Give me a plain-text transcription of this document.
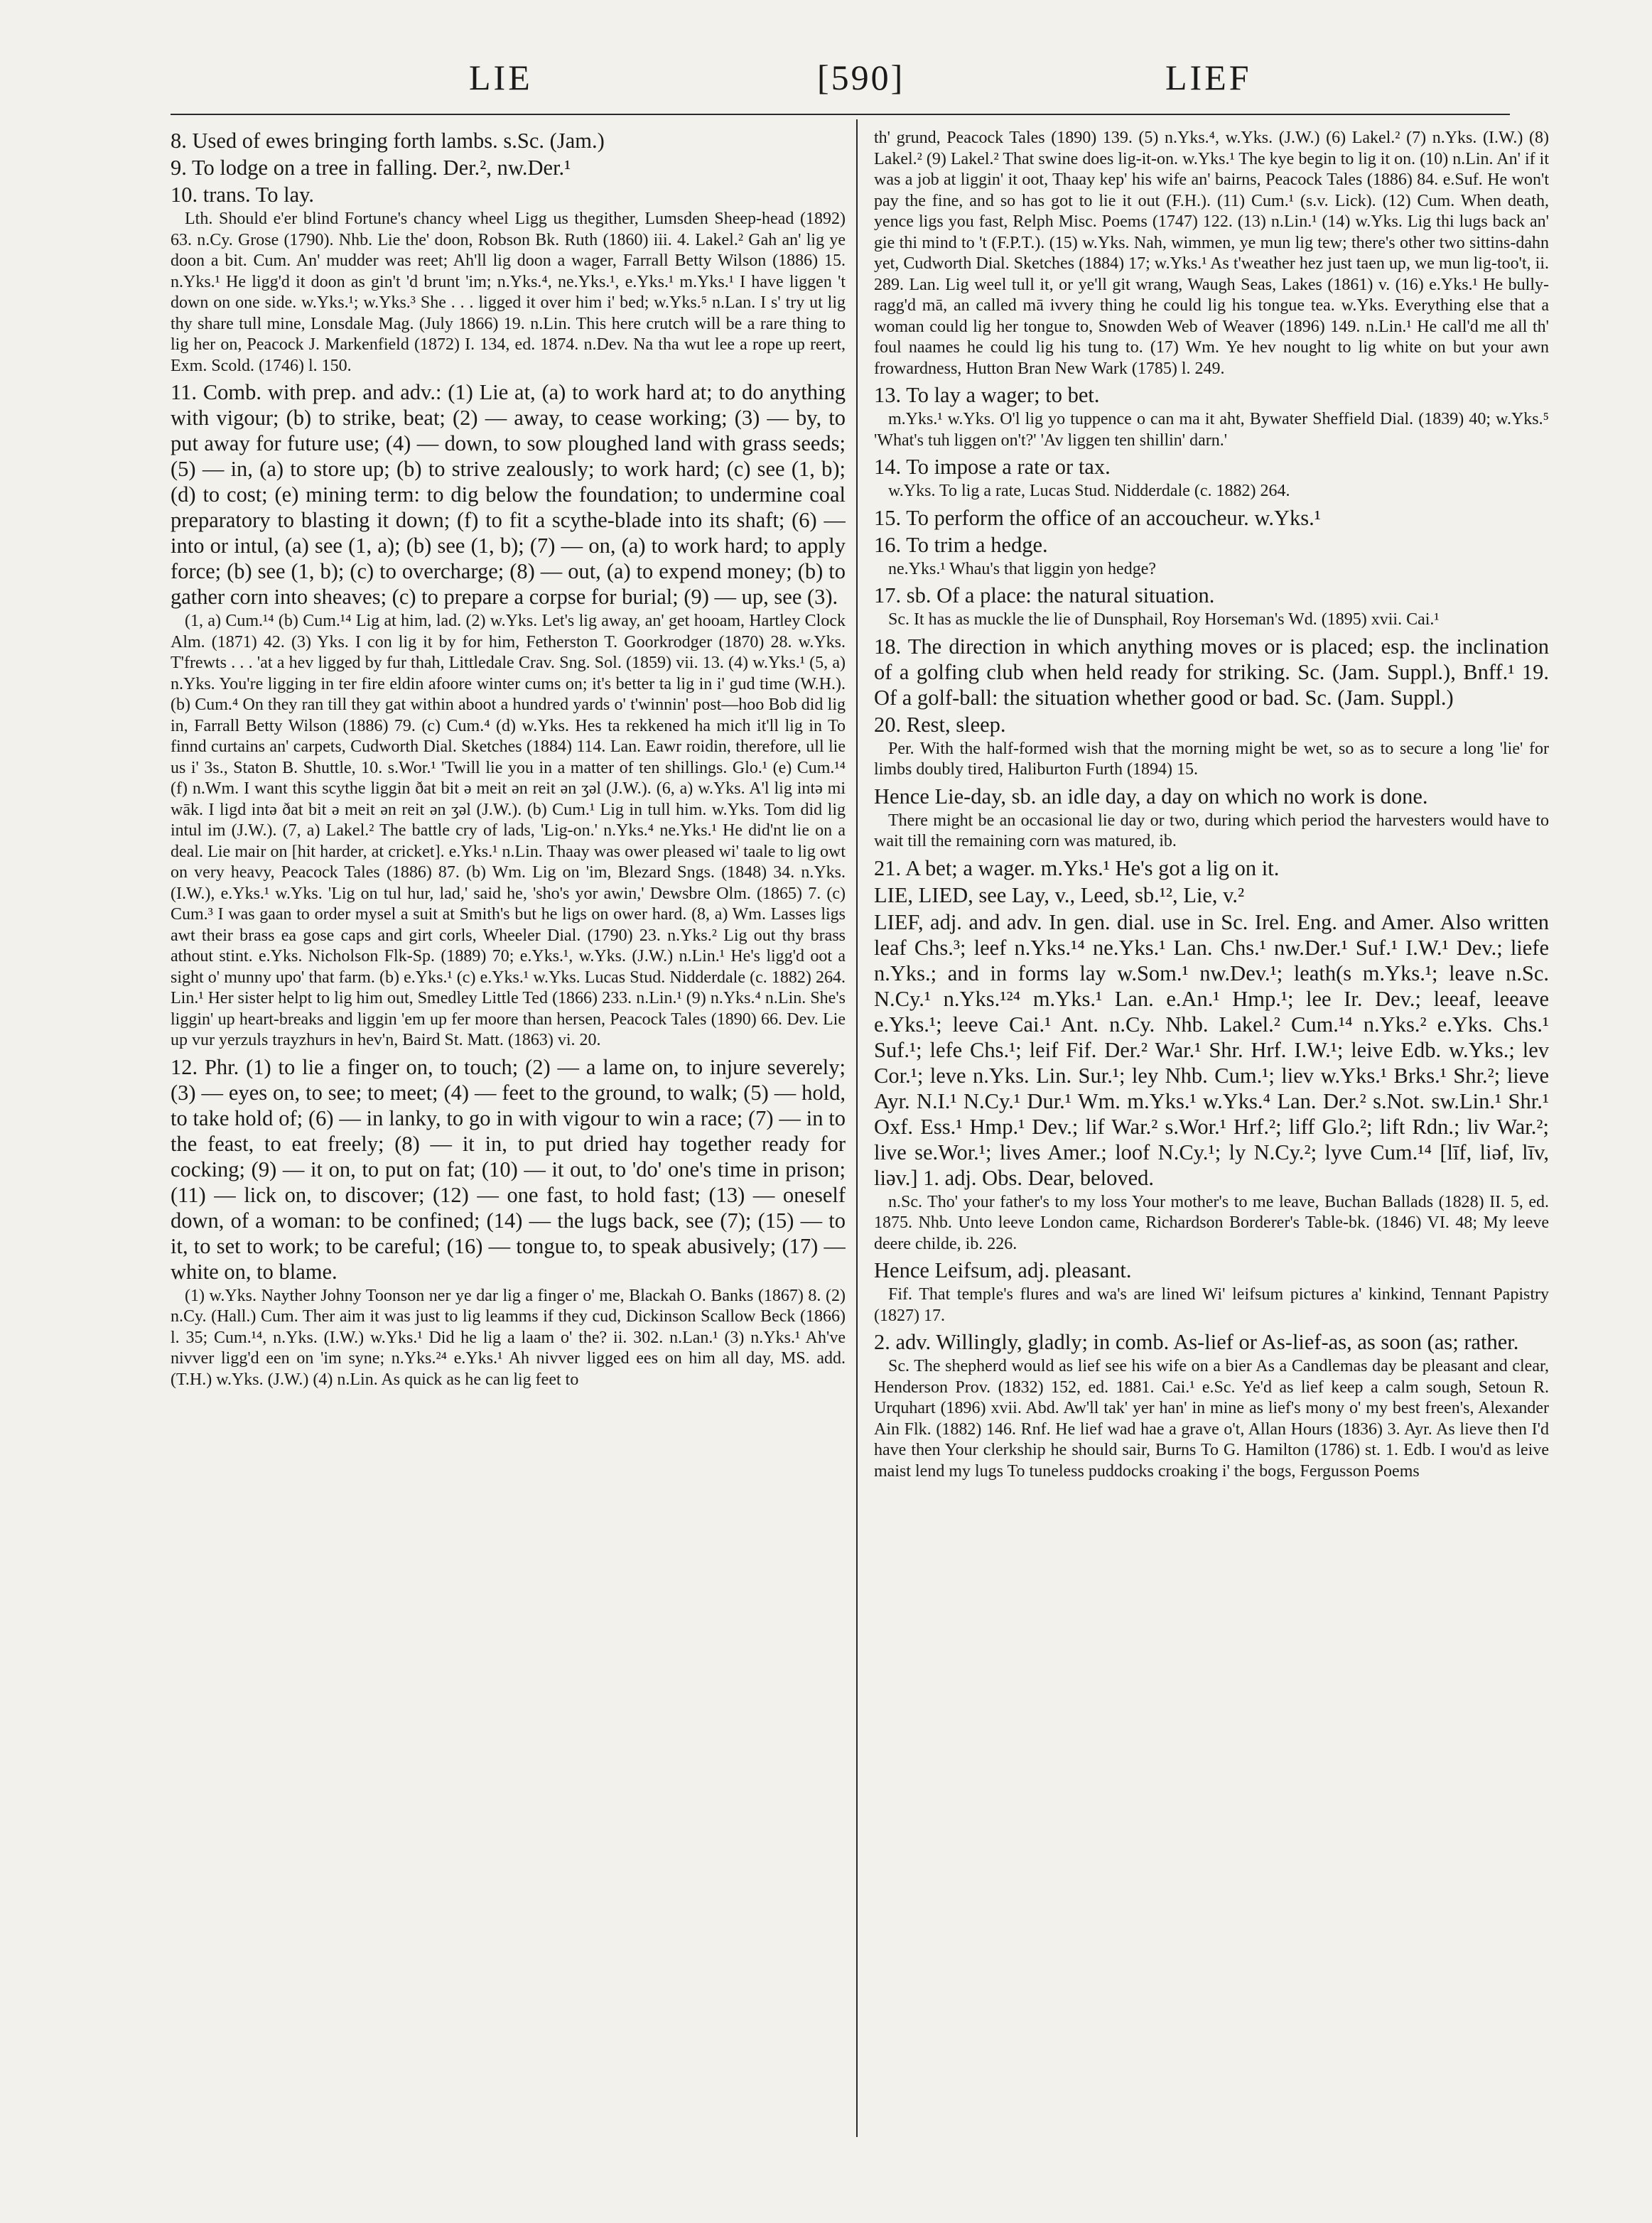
LIE	[590]	LIEF

8. Used of ewes bringing forth lambs. s.Sc. (Jam.)

9. To lodge on a tree in falling. Der.², nw.Der.¹

10. trans. To lay.

Lth. Should e'er blind Fortune's chancy wheel Ligg us thegither, Lumsden Sheep-head (1892) 63. n.Cy. Grose (1790). Nhb. Lie the' doon, Robson Bk. Ruth (1860) iii. 4. Lakel.² Gah an' lig ye doon a bit. Cum. An' mudder was reet; Ah'll lig doon a wager, Farrall Betty Wilson (1886) 15. n.Yks.¹ He ligg'd it doon as gin't 'd brunt 'im; n.Yks.⁴, ne.Yks.¹, e.Yks.¹ m.Yks.¹ I have liggen 't down on one side. w.Yks.¹; w.Yks.³ She . . . ligged it over him i' bed; w.Yks.⁵ n.Lan. I s' try ut lig thy share tull mine, Lonsdale Mag. (July 1866) 19. n.Lin. This here crutch will be a rare thing to lig her on, Peacock J. Markenfield (1872) I. 134, ed. 1874. n.Dev. Na tha wut lee a rope up reert, Exm. Scold. (1746) l. 150.

11. Comb. with prep. and adv.: (1) Lie at, (a) to work hard at; to do anything with vigour; (b) to strike, beat; (2) — away, to cease working; (3) — by, to put away for future use; (4) — down, to sow ploughed land with grass seeds; (5) — in, (a) to store up; (b) to strive zealously; to work hard; (c) see (1, b); (d) to cost; (e) mining term: to dig below the foundation; to undermine coal preparatory to blasting it down; (f) to fit a scythe-blade into its shaft; (6) — into or intul, (a) see (1, a); (b) see (1, b); (7) — on, (a) to work hard; to apply force; (b) see (1, b); (c) to overcharge; (8) — out, (a) to expend money; (b) to gather corn into sheaves; (c) to prepare a corpse for burial; (9) — up, see (3).

(1, a) Cum.¹⁴ (b) Cum.¹⁴ Lig at him, lad. (2) w.Yks. Let's lig away, an' get hooam, Hartley Clock Alm. (1871) 42. (3) Yks. I con lig it by for him, Fetherston T. Goorkrodger (1870) 28. w.Yks. T'frewts . . . 'at a hev ligged by fur thah, Littledale Crav. Sng. Sol. (1859) vii. 13. (4) w.Yks.¹ (5, a) n.Yks. You're ligging in ter fire eldin afoore winter cums on; it's better ta lig in i' gud time (W.H.). (b) Cum.⁴ On they ran till they gat within aboot a hundred yards o' t'winnin' post—hoo Bob did lig in, Farrall Betty Wilson (1886) 79. (c) Cum.⁴ (d) w.Yks. Hes ta rekkened ha mich it'll lig in To finnd curtains an' carpets, Cudworth Dial. Sketches (1884) 114. Lan. Eawr roidin, therefore, ull lie us i' 3s., Staton B. Shuttle, 10. s.Wor.¹ 'Twill lie you in a matter of ten shillings. Glo.¹ (e) Cum.¹⁴ (f) n.Wm. I want this scythe liggin ðat bit ə meit ən reit ən ʒəl (J.W.). (6, a) w.Yks. A'l lig intə mi wāk. I ligd intə ðat bit ə meit ən reit ən ʒəl (J.W.). (b) Cum.¹ Lig in tull him. w.Yks. Tom did lig intul im (J.W.). (7, a) Lakel.² The battle cry of lads, 'Lig-on.' n.Yks.⁴ ne.Yks.¹ He did'nt lie on a deal. Lie mair on [hit harder, at cricket]. e.Yks.¹ n.Lin. Thaay was ower pleased wi' taale to lig owt on very heavy, Peacock Tales (1886) 87. (b) Wm. Lig on 'im, Blezard Sngs. (1848) 34. n.Yks. (I.W.), e.Yks.¹ w.Yks. 'Lig on tul hur, lad,' said he, 'sho's yor awin,' Dewsbre Olm. (1865) 7. (c) Cum.³ I was gaan to order mysel a suit at Smith's but he ligs on ower hard. (8, a) Wm. Lasses ligs awt their brass ea gose caps and girt corls, Wheeler Dial. (1790) 23. n.Yks.² Lig out thy brass athout stint. e.Yks. Nicholson Flk-Sp. (1889) 70; e.Yks.¹, w.Yks. (J.W.) n.Lin.¹ He's ligg'd oot a sight o' munny upo' that farm. (b) e.Yks.¹ (c) e.Yks.¹ w.Yks. Lucas Stud. Nidderdale (c. 1882) 264. Lin.¹ Her sister helpt to lig him out, Smedley Little Ted (1866) 233. n.Lin.¹ (9) n.Yks.⁴ n.Lin. She's liggin' up heart-breaks and liggin 'em up fer moore than hersen, Peacock Tales (1890) 66. Dev. Lie up vur yerzuls trayzhurs in hev'n, Baird St. Matt. (1863) vi. 20.

12. Phr. (1) to lie a finger on, to touch; (2) — a lame on, to injure severely; (3) — eyes on, to see; to meet; (4) — feet to the ground, to walk; (5) — hold, to take hold of; (6) — in lanky, to go in with vigour to win a race; (7) — in to the feast, to eat freely; (8) — it in, to put dried hay together ready for cocking; (9) — it on, to put on fat; (10) — it out, to 'do' one's time in prison; (11) — lick on, to discover; (12) — one fast, to hold fast; (13) — oneself down, of a woman: to be confined; (14) — the lugs back, see (7); (15) — to it, to set to work; to be careful; (16) — tongue to, to speak abusively; (17) — white on, to blame.

(1) w.Yks. Nayther Johny Toonson ner ye dar lig a finger o' me, Blackah O. Banks (1867) 8. (2) n.Cy. (Hall.) Cum. Ther aim it was just to lig leamms if they cud, Dickinson Scallow Beck (1866) l. 35; Cum.¹⁴, n.Yks. (I.W.) w.Yks.¹ Did he lig a laam o' the? ii. 302. n.Lan.¹ (3) n.Yks.¹ Ah've nivver ligg'd een on 'im syne; n.Yks.²⁴ e.Yks.¹ Ah nivver ligged ees on him all day, MS. add. (T.H.) w.Yks. (J.W.) (4) n.Lin. As quick as he can lig feet to

th' grund, Peacock Tales (1890) 139. (5) n.Yks.⁴, w.Yks. (J.W.) (6) Lakel.² (7) n.Yks. (I.W.) (8) Lakel.² (9) Lakel.² That swine does lig-it-on. w.Yks.¹ The kye begin to lig it on. (10) n.Lin. An' if it was a job at liggin' it oot, Thaay kep' his wife an' bairns, Peacock Tales (1886) 84. e.Suf. He won't pay the fine, and so has got to lie it out (F.H.). (11) Cum.¹ (s.v. Lick). (12) Cum. When death, yence ligs you fast, Relph Misc. Poems (1747) 122. (13) n.Lin.¹ (14) w.Yks. Lig thi lugs back an' gie thi mind to 't (F.P.T.). (15) w.Yks. Nah, wimmen, ye mun lig tew; there's other two sittins-dahn yet, Cudworth Dial. Sketches (1884) 17; w.Yks.¹ As t'weather hez just taen up, we mun lig-too't, ii. 289. Lan. Lig weel tull it, or ye'll git wrang, Waugh Seas, Lakes (1861) v. (16) e.Yks.¹ He bully-ragg'd mā, an called mā ivvery thing he could lig his tongue tea. w.Yks. Everything else that a woman could lig her tongue to, Snowden Web of Weaver (1896) 149. n.Lin.¹ He call'd me all th' foul naames he could lig his tung to. (17) Wm. Ye hev nought to lig white on but your awn frowardness, Hutton Bran New Wark (1785) l. 249.

13. To lay a wager; to bet.

m.Yks.¹ w.Yks. O'l lig yo tuppence o can ma it aht, Bywater Sheffield Dial. (1839) 40; w.Yks.⁵ 'What's tuh liggen on't?' 'Av liggen ten shillin' darn.'

14. To impose a rate or tax.

w.Yks. To lig a rate, Lucas Stud. Nidderdale (c. 1882) 264.

15. To perform the office of an accoucheur. w.Yks.¹

16. To trim a hedge.

ne.Yks.¹ Whau's that liggin yon hedge?

17. sb. Of a place: the natural situation.

Sc. It has as muckle the lie of Dunsphail, Roy Horseman's Wd. (1895) xvii. Cai.¹

18. The direction in which anything moves or is placed; esp. the inclination of a golfing club when held ready for striking. Sc. (Jam. Suppl.), Bnff.¹ 19. Of a golf-ball: the situation whether good or bad. Sc. (Jam. Suppl.)

20. Rest, sleep.

Per. With the half-formed wish that the morning might be wet, so as to secure a long 'lie' for limbs doubly tired, Haliburton Furth (1894) 15.

Hence Lie-day, sb. an idle day, a day on which no work is done.

There might be an occasional lie day or two, during which period the harvesters would have to wait till the remaining corn was matured, ib.

21. A bet; a wager. m.Yks.¹ He's got a lig on it.

LIE, LIED, see Lay, v., Leed, sb.¹², Lie, v.²

LIEF, adj. and adv. In gen. dial. use in Sc. Irel. Eng. and Amer. Also written leaf Chs.³; leef n.Yks.¹⁴ ne.Yks.¹ Lan. Chs.¹ nw.Der.¹ Suf.¹ I.W.¹ Dev.; liefe n.Yks.; and in forms lay w.Som.¹ nw.Dev.¹; leath(s m.Yks.¹; leave n.Sc. N.Cy.¹ n.Yks.¹²⁴ m.Yks.¹ Lan. e.An.¹ Hmp.¹; lee Ir. Dev.; leeaf, leeave e.Yks.¹; leeve Cai.¹ Ant. n.Cy. Nhb. Lakel.² Cum.¹⁴ n.Yks.² e.Yks. Chs.¹ Suf.¹; lefe Chs.¹; leif Fif. Der.² War.¹ Shr. Hrf. I.W.¹; leive Edb. w.Yks.; lev Cor.¹; leve n.Yks. Lin. Sur.¹; ley Nhb. Cum.¹; liev w.Yks.¹ Brks.¹ Shr.²; lieve Ayr. N.I.¹ N.Cy.¹ Dur.¹ Wm. m.Yks.¹ w.Yks.⁴ Lan. Der.² s.Not. sw.Lin.¹ Shr.¹ Oxf. Ess.¹ Hmp.¹ Dev.; lif War.² s.Wor.¹ Hrf.²; liff Glo.²; lift Rdn.; liv War.²; live se.Wor.¹; lives Amer.; loof N.Cy.¹; ly N.Cy.²; lyve Cum.¹⁴ [līf, liəf, līv, liəv.] 1. adj. Obs. Dear, beloved.

n.Sc. Tho' your father's to my loss Your mother's to me leave, Buchan Ballads (1828) II. 5, ed. 1875. Nhb. Unto leeve London came, Richardson Borderer's Table-bk. (1846) VI. 48; My leeve deere childe, ib. 226.

Hence Leifsum, adj. pleasant.

Fif. That temple's flures and wa's are lined Wi' leifsum pictures a' kinkind, Tennant Papistry (1827) 17.

2. adv. Willingly, gladly; in comb. As-lief or As-lief-as, as soon (as; rather.

Sc. The shepherd would as lief see his wife on a bier As a Candlemas day be pleasant and clear, Henderson Prov. (1832) 152, ed. 1881. Cai.¹ e.Sc. Ye'd as lief keep a calm sough, Setoun R. Urquhart (1896) xvii. Abd. Aw'll tak' yer han' in mine as lief's mony o' my best freen's, Alexander Ain Flk. (1882) 146. Rnf. He lief wad hae a grave o't, Allan Hours (1836) 3. Ayr. As lieve then I'd have then Your clerkship he should sair, Burns To G. Hamilton (1786) st. 1. Edb. I wou'd as leive maist lend my lugs To tuneless puddocks croaking i' the bogs, Fergusson Poems
